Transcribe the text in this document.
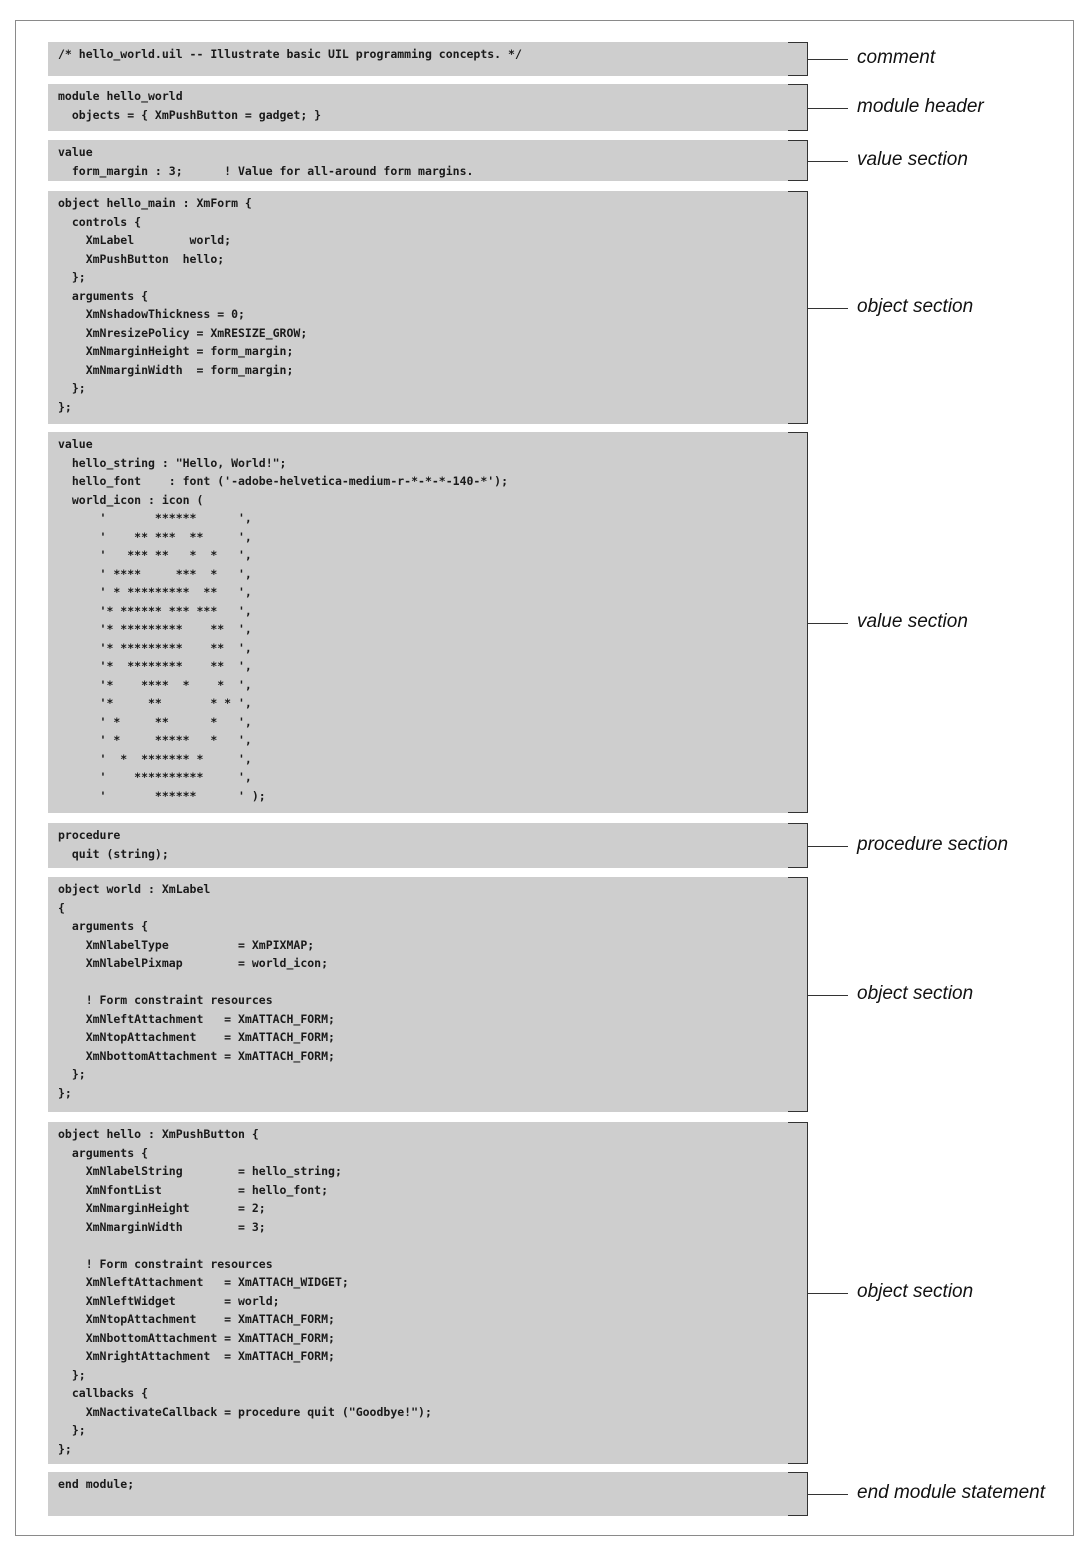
/* hello_world.uil -- Illustrate basic UIL programming concepts. */	comment
module hello_world
objects = { XmPushButton = gadget; }	module header
value
form_margin : 3;      ! Value for all-around form margins.
value section
object hello_main : XmForm {
controls {
XmLabel        world;
XmPushButton  hello;
};
arguments {
XmNshadowThickness = 0;
XmNresizePolicy = XmRESIZE_GROW;
XmNmarginHeight = form_margin;
XmNmarginWidth  = form_margin;
};
};
object section
value
hello_string : "Hello, World!";
hello_font    : font ('-adobe-helvetica-medium-r-*-*-*-140-*');
world_icon : icon (
'       ******      ',
'    ** ***  **     ',
'   *** **   *  *   ',
' ****     ***  *   ',
' * *********  **   ',
'* ****** *** ***   ',
'* *********    **  ',
'* *********    **  ',
'*  ********    **  ',
'*    ****  *    *  ',
'*     **       * * ',
' *     **      *   ',
' *     *****   *   ',
'  *  ******* *     ',
'    **********     ',
'       ******      ' );
value section
procedure
quit (string);	procedure section
object world : XmLabel
{
arguments {
XmNlabelType          = XmPIXMAP;
XmNlabelPixmap        = world_icon;

! Form constraint resources
XmNleftAttachment   = XmATTACH_FORM;
XmNtopAttachment    = XmATTACH_FORM;
XmNbottomAttachment = XmATTACH_FORM;
};
};
object section
object hello : XmPushButton {
arguments {
XmNlabelString        = hello_string;
XmNfontList           = hello_font;
XmNmarginHeight       = 2;
XmNmarginWidth        = 3;

! Form constraint resources
XmNleftAttachment   = XmATTACH_WIDGET;
XmNleftWidget       = world;
XmNtopAttachment    = XmATTACH_FORM;
XmNbottomAttachment = XmATTACH_FORM;
XmNrightAttachment  = XmATTACH_FORM;
};
callbacks {
XmNactivateCallback = procedure quit ("Goodbye!");
};
};
object section
end module;	end module statement
